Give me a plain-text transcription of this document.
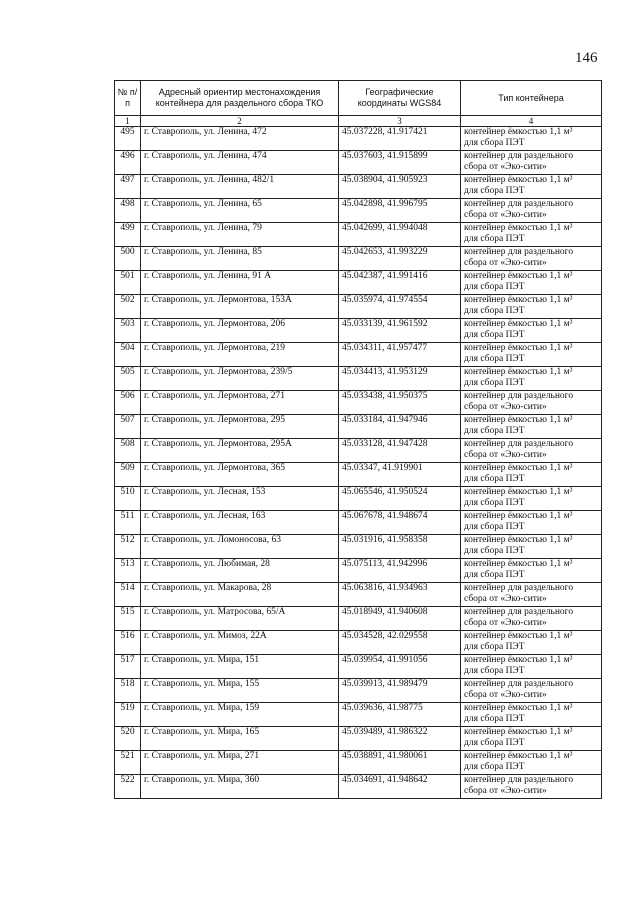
146
№ п/п	Адресный ориентир местонахождения контейнера для раздельного сбора ТКО	Географические координаты WGS84	Тип контейнера
1	2	3	4
495	г. Ставрополь, ул. Ленина, 472	45.037228, 41.917421	контейнер ёмкостью 1,1 м³
для сбора ПЭТ

496	г. Ставрополь, ул. Ленина, 474	45.037603, 41.915899	контейнер для раздельного
сбора от «Эко-сити»

497	г. Ставрополь, ул. Ленина, 482/1	45.038904, 41.905923	контейнер ёмкостью 1,1 м³
для сбора ПЭТ

498	г. Ставрополь, ул. Ленина, 65	45.042898, 41.996795	контейнер для раздельного
сбора от «Эко-сити»

499	г. Ставрополь, ул. Ленина, 79	45.042699, 41.994048	контейнер ёмкостью 1,1 м³
для сбора ПЭТ

500	г. Ставрополь, ул. Ленина, 85	45.042653, 41.993229	контейнер для раздельного
сбора от «Эко-сити»

501	г. Ставрополь, ул. Ленина, 91 А	45.042387, 41.991416	контейнер ёмкостью 1,1 м³
для сбора ПЭТ

502	г. Ставрополь, ул. Лермонтова, 153А	45.035974, 41.974554	контейнер ёмкостью 1,1 м³
для сбора ПЭТ

503	г. Ставрополь, ул. Лермонтова, 206	45.033139, 41.961592	контейнер ёмкостью 1,1 м³
для сбора ПЭТ

504	г. Ставрополь, ул. Лермонтова, 219	45.034311, 41.957477	контейнер ёмкостью 1,1 м³
для сбора ПЭТ

505	г. Ставрополь, ул. Лермонтова, 239/5	45.034413, 41.953129	контейнер ёмкостью 1,1 м³
для сбора ПЭТ

506	г. Ставрополь, ул. Лермонтова, 271	45.033438, 41.950375	контейнер для раздельного
сбора от «Эко-сити»

507	г. Ставрополь, ул. Лермонтова, 295	45.033184, 41.947946	контейнер ёмкостью 1,1 м³
для сбора ПЭТ

508	г. Ставрополь, ул. Лермонтова, 295А	45.033128, 41.947428	контейнер для раздельного
сбора от «Эко-сити»

509	г. Ставрополь, ул. Лермонтова, 365	45.03347, 41.919901	контейнер ёмкостью 1,1 м³
для сбора ПЭТ

510	г. Ставрополь, ул. Лесная, 153	45.065546, 41.950524	контейнер ёмкостью 1,1 м³
для сбора ПЭТ

511	г. Ставрополь, ул. Лесная, 163	45.067678, 41.948674	контейнер ёмкостью 1,1 м³
для сбора ПЭТ

512	г. Ставрополь, ул. Ломоносова, 63	45.031916, 41.958358	контейнер ёмкостью 1,1 м³
для сбора ПЭТ

513	г. Ставрополь, ул. Любимая, 28	45.075113, 41.942996	контейнер ёмкостью 1,1 м³
для сбора ПЭТ

514	г. Ставрополь, ул. Макарова, 28	45.063816, 41.934963	контейнер для раздельного
сбора от «Эко-сити»

515	г. Ставрополь, ул. Матросова, 65/А	45.018949, 41.940608	контейнер для раздельного
сбора от «Эко-сити»

516	г. Ставрополь, ул. Мимоз, 22А	45.034528, 42.029558	контейнер ёмкостью 1,1 м³
для сбора ПЭТ

517	г. Ставрополь, ул. Мира, 151	45.039954, 41.991056	контейнер ёмкостью 1,1 м³
для сбора ПЭТ

518	г. Ставрополь, ул. Мира, 155	45.039913, 41.989479	контейнер для раздельного
сбора от «Эко-сити»

519	г. Ставрополь, ул. Мира, 159	45.039636, 41.98775	контейнер ёмкостью 1,1 м³
для сбора ПЭТ

520	г. Ставрополь, ул. Мира, 165	45.039489, 41.986322	контейнер ёмкостью 1,1 м³
для сбора ПЭТ

521	г. Ставрополь, ул. Мира, 271	45.038891, 41.980061	контейнер ёмкостью 1,1 м³
для сбора ПЭТ

522	г. Ставрополь, ул. Мира, 360	45.034691, 41.948642	контейнер для раздельного
сбора от «Эко-сити»
